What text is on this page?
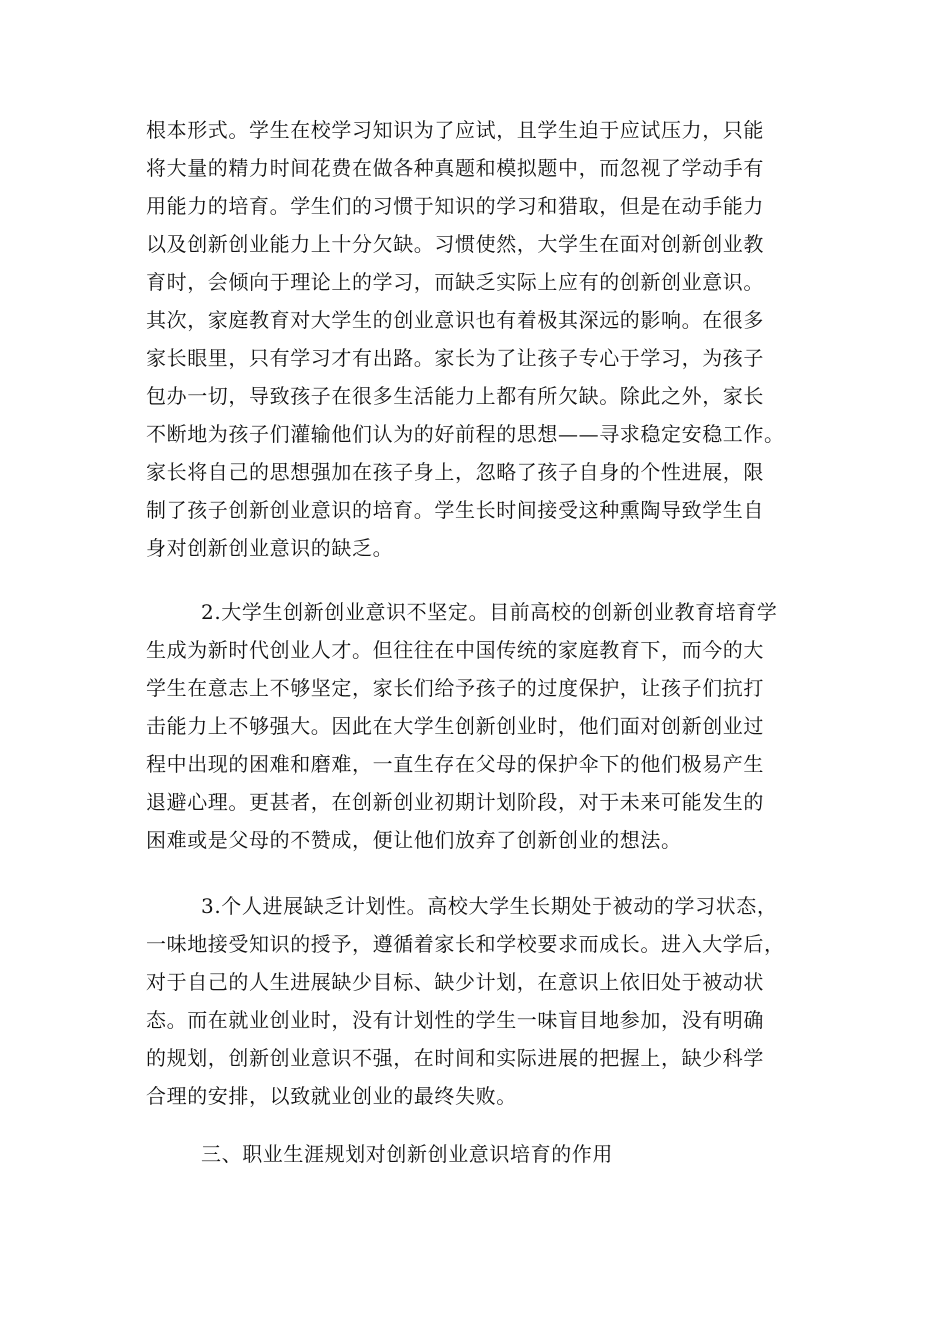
根本形式。学生在校学习知识为了应试，且学生迫于应试压力，只能
将大量的精力时间花费在做各种真题和模拟题中，而忽视了学动手有
用能力的培育。学生们的习惯于知识的学习和猎取，但是在动手能力
以及创新创业能力上十分欠缺。习惯使然，大学生在面对创新创业教
育时，会倾向于理论上的学习，而缺乏实际上应有的创新创业意识。
其次，家庭教育对大学生的创业意识也有着极其深远的影响。在很多
家长眼里，只有学习才有出路。家长为了让孩子专心于学习，为孩子
包办一切，导致孩子在很多生活能力上都有所欠缺。除此之外，家长
不断地为孩子们灌输他们认为的好前程的思想——寻求稳定安稳工作。
家长将自己的思想强加在孩子身上，忽略了孩子自身的个性进展，限
制了孩子创新创业意识的培育。学生长时间接受这种熏陶导致学生自
身对创新创业意识的缺乏。
2.大学生创新创业意识不坚定。目前高校的创新创业教育培育学
生成为新时代创业人才。但往往在中国传统的家庭教育下，而今的大
学生在意志上不够坚定，家长们给予孩子的过度保护，让孩子们抗打
击能力上不够强大。因此在大学生创新创业时，他们面对创新创业过
程中出现的困难和磨难，一直生存在父母的保护伞下的他们极易产生
退避心理。更甚者，在创新创业初期计划阶段，对于未来可能发生的
困难或是父母的不赞成，便让他们放弃了创新创业的想法。
3.个人进展缺乏计划性。高校大学生长期处于被动的学习状态，
一味地接受知识的授予，遵循着家长和学校要求而成长。进入大学后，
对于自己的人生进展缺少目标、缺少计划，在意识上依旧处于被动状
态。而在就业创业时，没有计划性的学生一味盲目地参加，没有明确
的规划，创新创业意识不强，在时间和实际进展的把握上，缺少科学
合理的安排，以致就业创业的最终失败。
三、职业生涯规划对创新创业意识培育的作用
